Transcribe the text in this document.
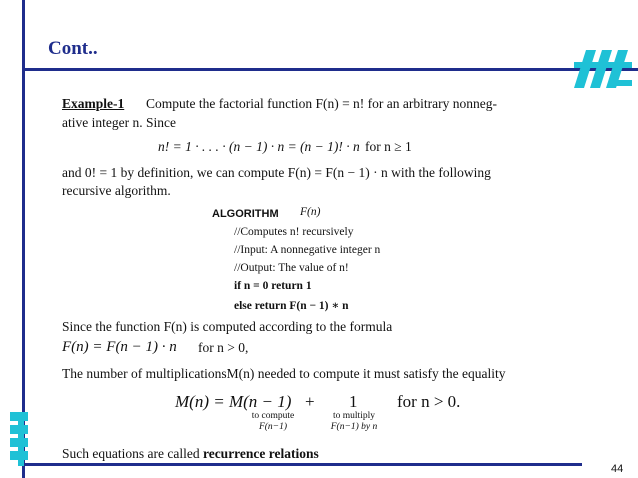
Cont..
Example-1 Compute the factorial function F(n) = n! for an arbitrary nonneg-
ative integer n. Since
n! = 1 · . . . · (n − 1) · n = (n − 1)! · n for n ≥ 1
and 0! = 1 by definition, we can compute F(n) = F(n − 1) · n with the following
recursive algorithm.
ALGORITHM F(n)
//Computes n! recursively
//Input: A nonnegative integer n
//Output: The value of n!
if n = 0 return 1
else return F(n − 1) ∗ n
Since the function F(n) is computed according to the formula
F(n) = F(n − 1) · n for n > 0,
The number of multiplicationsM(n) needed to compute it must satisfy the equality
M(n) = M(n − 1) + 1 for n > 0.
to compute
F(n−1)
to multiply
F(n−1) by n
Such equations are called recurrence relations
44
